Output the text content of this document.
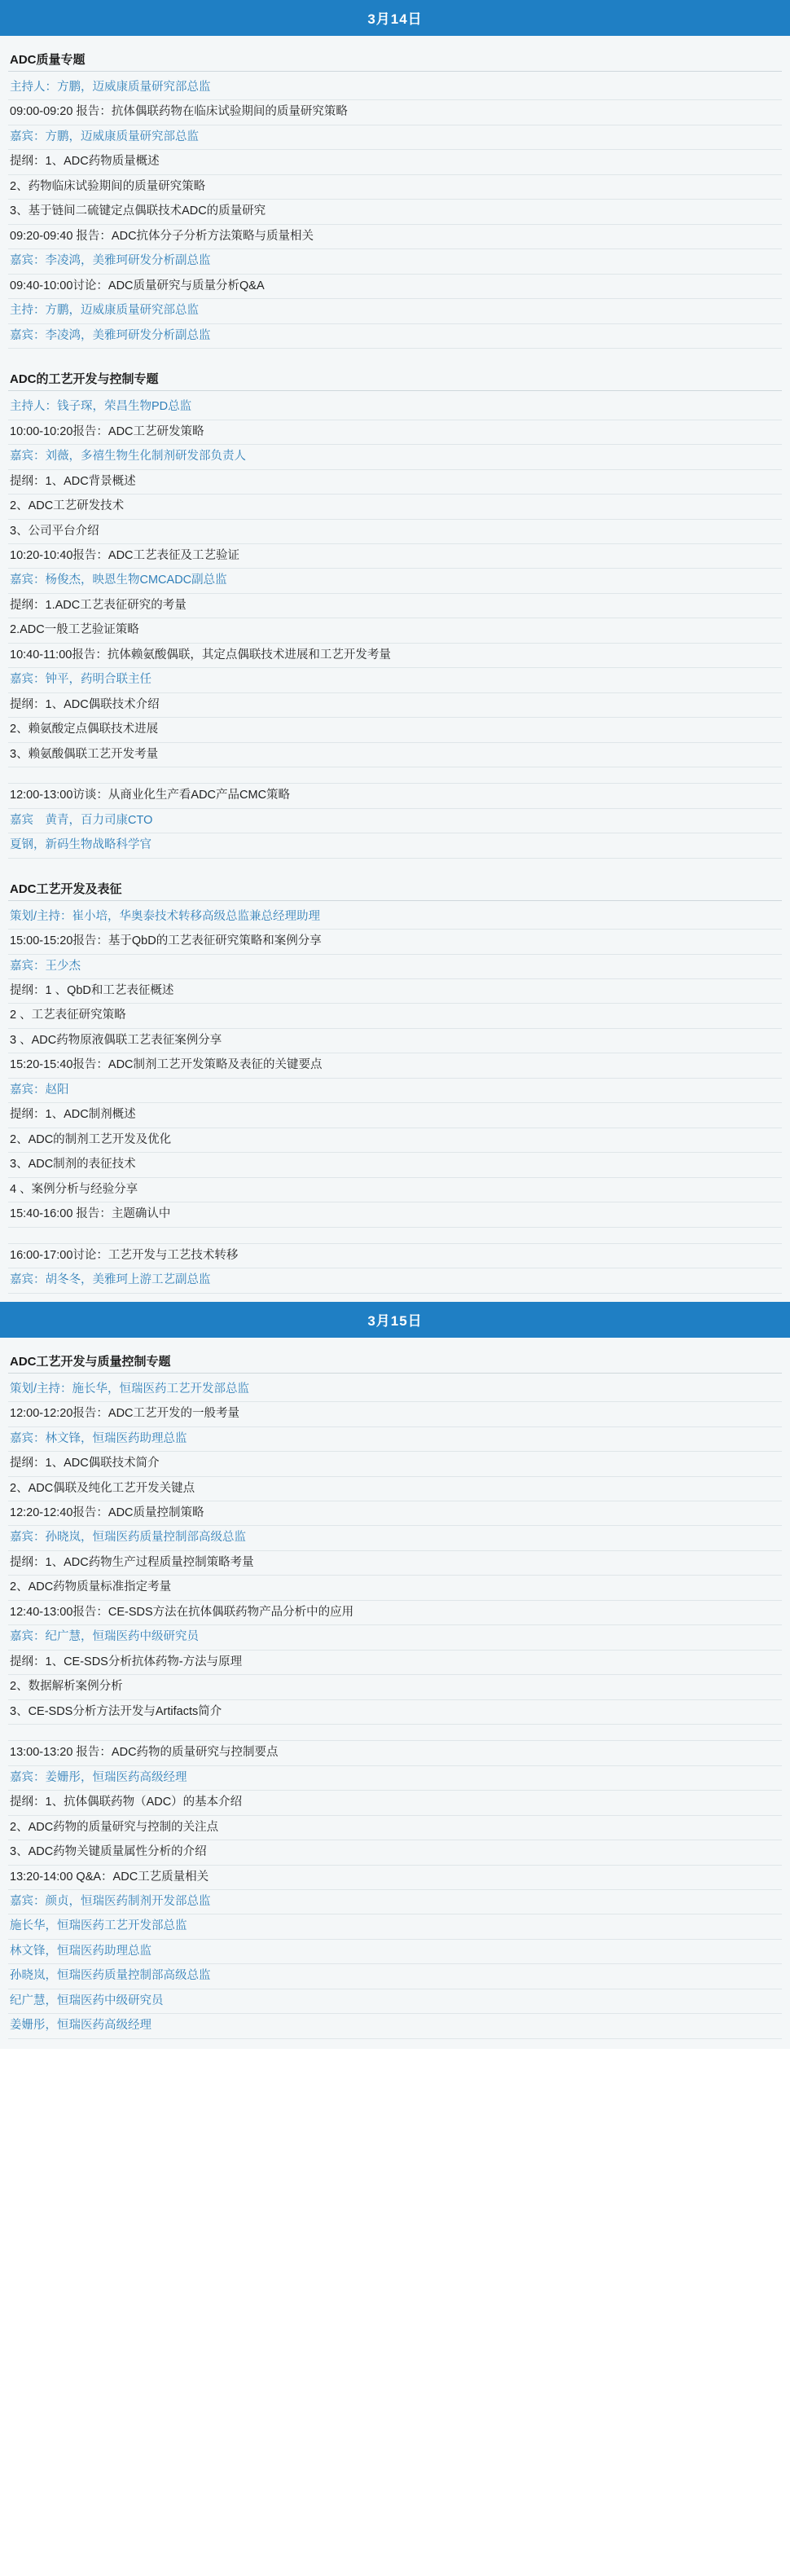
3月14日
ADC质量专题
主持人：方鹏，迈威康质量研究部总监
09:00-09:20 报告：抗体偶联药物在临床试验期间的质量研究策略
嘉宾：方鹏，迈威康质量研究部总监
提纲：1、ADC药物质量概述
2、药物临床试验期间的质量研究策略
3、基于链间二硫键定点偶联技术ADC的质量研究
09:20-09:40 报告：ADC抗体分子分析方法策略与质量相关
嘉宾：李凌鸿，美雅珂研发分析副总监
09:40-10:00讨论：ADC质量研究与质量分析Q&A
主持：方鹏，迈威康质量研究部总监
嘉宾：李凌鸿，美雅珂研发分析副总监
ADC的工艺开发与控制专题
主持人：钱子琛，荣昌生物PD总监
10:00-10:20报告：ADC工艺研发策略
嘉宾：刘薇，多禧生物生化制剂研发部负责人
提纲：1、ADC背景概述
2、ADC工艺研发技术
3、公司平台介绍
10:20-10:40报告：ADC工艺表征及工艺验证
嘉宾：杨俊杰，映恩生物CMCADC副总监
提纲：1.ADC工艺表征研究的考量
2.ADC一般工艺验证策略
10:40-11:00报告：抗体赖氨酸偶联，其定点偶联技术进展和工艺开发考量
嘉宾：钟平，药明合联主任
提纲：1、ADC偶联技术介绍
2、赖氨酸定点偶联技术进展
3、赖氨酸偶联工艺开发考量
12:00-13:00访谈：从商业化生产看ADC产品CMC策略
嘉宾　黄青，百力司康CTO
夏钢，新码生物战略科学官
ADC工艺开发及表征
策划/主持：崔小培，华奥泰技术转移高级总监兼总经理助理
15:00-15:20报告：基于QbD的工艺表征研究策略和案例分享
嘉宾：王少杰
提纲：1 、QbD和工艺表征概述
2 、工艺表征研究策略
3 、ADC药物原液偶联工艺表征案例分享
15:20-15:40报告：ADC制剂工艺开发策略及表征的关键要点
嘉宾：赵阳
提纲：1、ADC制剂概述
2、ADC的制剂工艺开发及优化
3、ADC制剂的表征技术
4 、案例分析与经验分享
15:40-16:00 报告：主题确认中
16:00-17:00讨论：工艺开发与工艺技术转移
嘉宾：胡冬冬，美雅珂上游工艺副总监
3月15日
ADC工艺开发与质量控制专题
策划/主持：施长华，恒瑞医药工艺开发部总监
12:00-12:20报告：ADC工艺开发的一般考量
嘉宾：林文锋，恒瑞医药助理总监
提纲：1、ADC偶联技术简介
2、ADC偶联及纯化工艺开发关键点
12:20-12:40报告：ADC质量控制策略
嘉宾：孙晓岚，恒瑞医药质量控制部高级总监
提纲：1、ADC药物生产过程质量控制策略考量
2、ADC药物质量标准指定考量
12:40-13:00报告：CE-SDS方法在抗体偶联药物产品分析中的应用
嘉宾：纪广慧，恒瑞医药中级研究员
提纲：1、CE-SDS分析抗体药物-方法与原理
2、数据解析案例分析
3、CE-SDS分析方法开发与Artifacts简介
13:00-13:20 报告：ADC药物的质量研究与控制要点
嘉宾：姜姗彤，恒瑞医药高级经理
提纲：1、抗体偶联药物（ADC）的基本介绍
2、ADC药物的质量研究与控制的关注点
3、ADC药物关键质量属性分析的介绍
13:20-14:00 Q&A：ADC工艺质量相关
嘉宾：颜贞，恒瑞医药制剂开发部总监
施长华，恒瑞医药工艺开发部总监
林文锋，恒瑞医药助理总监
孙晓岚，恒瑞医药质量控制部高级总监
纪广慧，恒瑞医药中级研究员
姜姗彤，恒瑞医药高级经理
